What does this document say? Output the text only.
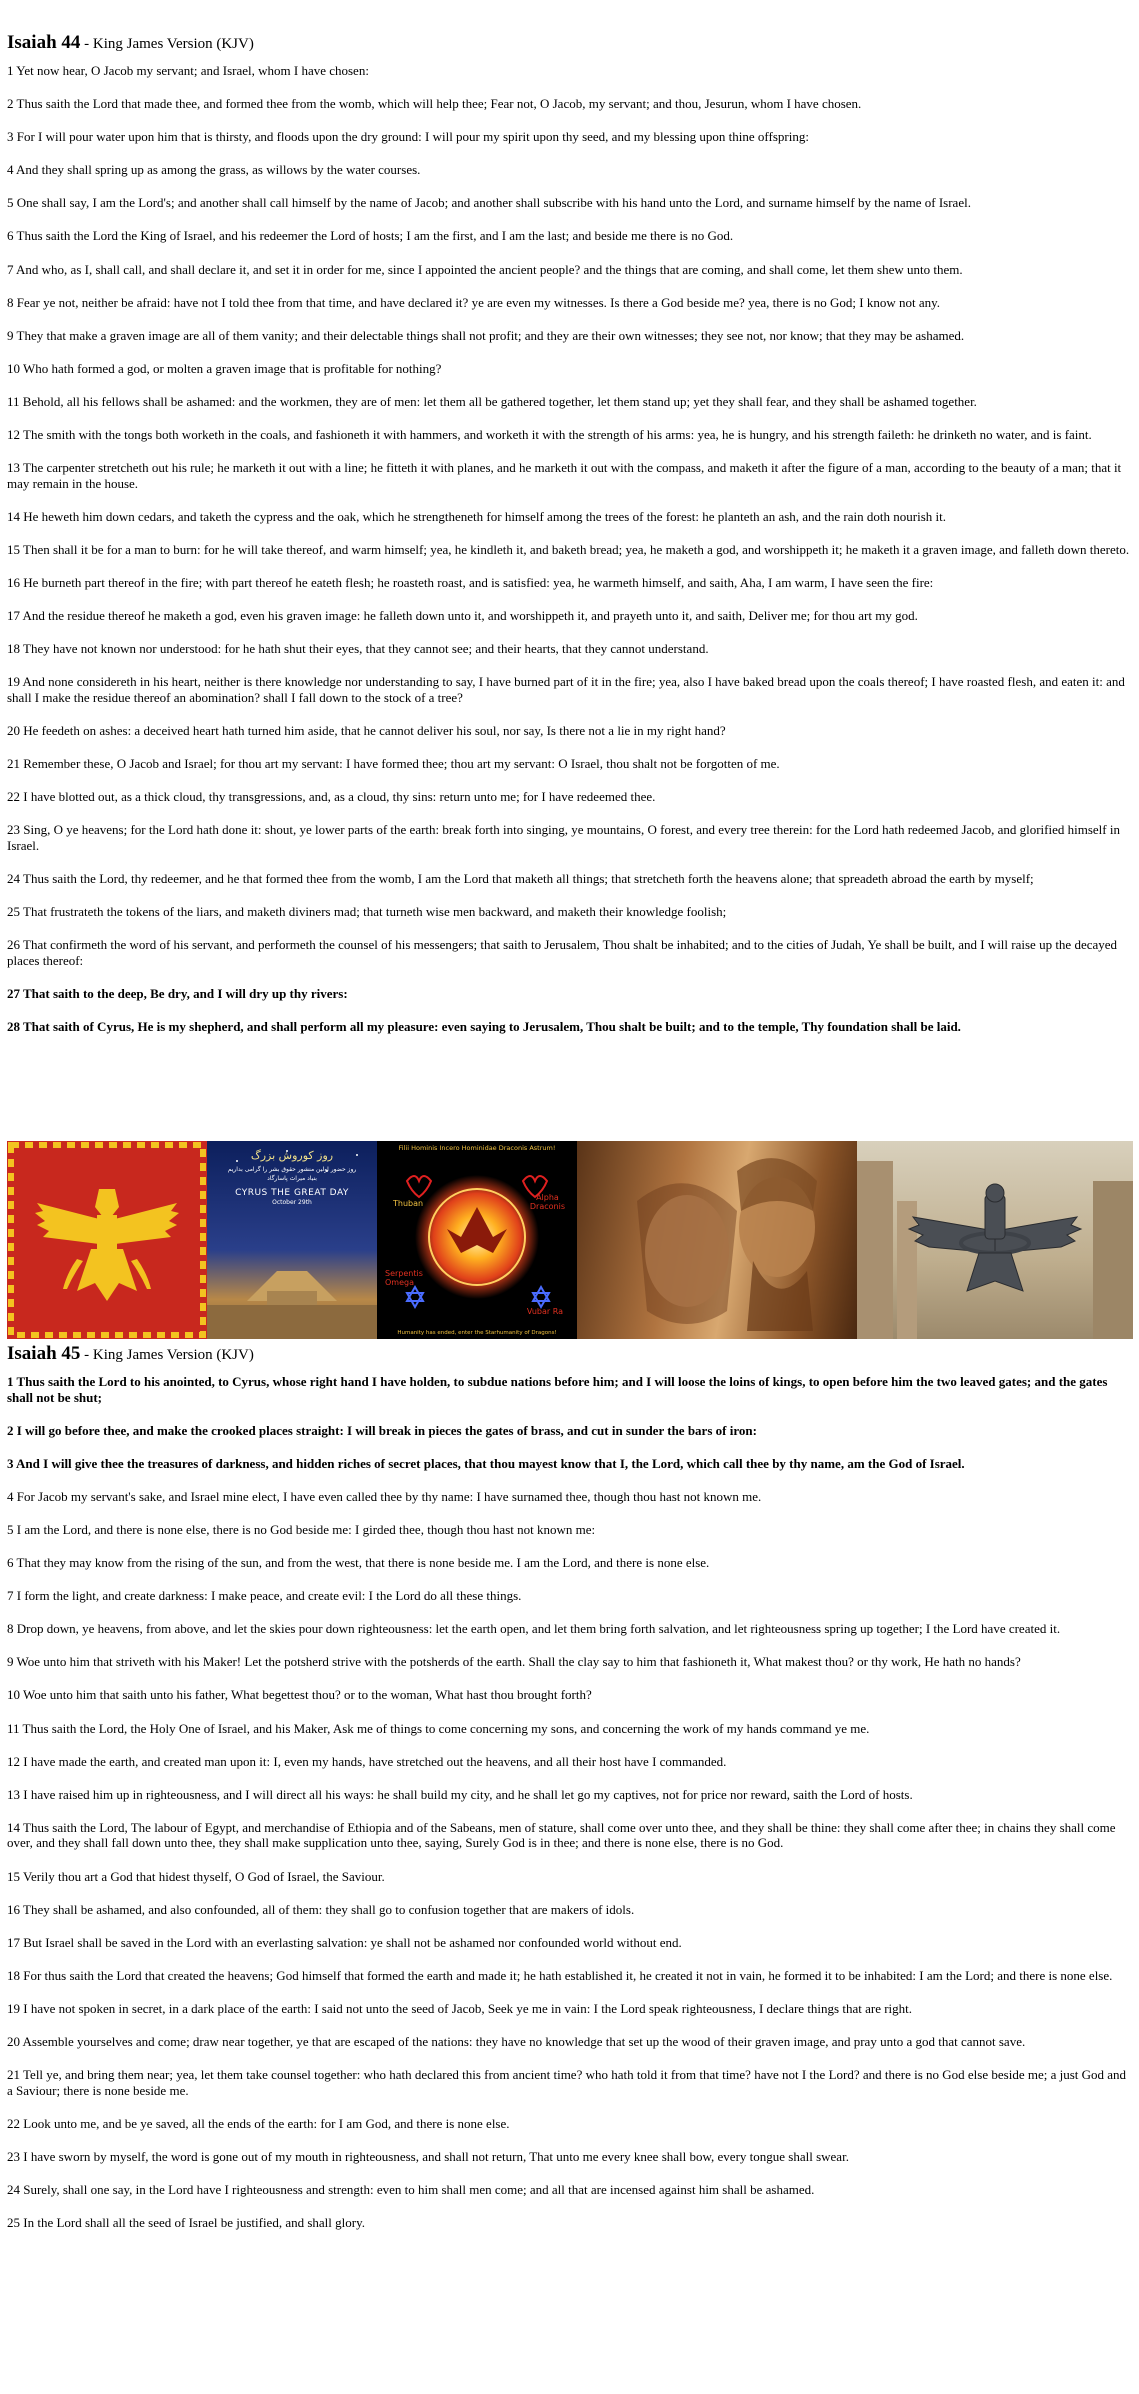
Isaiah 44 - King James Version (KJV)

1 Yet now hear, O Jacob my servant; and Israel, whom I have chosen:

2 Thus saith the Lord that made thee, and formed thee from the womb, which will help thee; Fear not, O Jacob, my servant; and thou, Jesurun, whom I have chosen.

3 For I will pour water upon him that is thirsty, and floods upon the dry ground: I will pour my spirit upon thy seed, and my blessing upon thine offspring:

4 And they shall spring up as among the grass, as willows by the water courses.

5 One shall say, I am the Lord's; and another shall call himself by the name of Jacob; and another shall subscribe with his hand unto the Lord, and surname himself by the name of Israel.

6 Thus saith the Lord the King of Israel, and his redeemer the Lord of hosts; I am the first, and I am the last; and beside me there is no God.

7 And who, as I, shall call, and shall declare it, and set it in order for me, since I appointed the ancient people? and the things that are coming, and shall come, let them shew unto them.

8 Fear ye not, neither be afraid: have not I told thee from that time, and have declared it? ye are even my witnesses. Is there a God beside me? yea, there is no God; I know not any.

9 They that make a graven image are all of them vanity; and their delectable things shall not profit; and they are their own witnesses; they see not, nor know; that they may be ashamed.

10 Who hath formed a god, or molten a graven image that is profitable for nothing?

11 Behold, all his fellows shall be ashamed: and the workmen, they are of men: let them all be gathered together, let them stand up; yet they shall fear, and they shall be ashamed together.

12 The smith with the tongs both worketh in the coals, and fashioneth it with hammers, and worketh it with the strength of his arms: yea, he is hungry, and his strength faileth: he drinketh no water, and is faint.

13 The carpenter stretcheth out his rule; he marketh it out with a line; he fitteth it with planes, and he marketh it out with the compass, and maketh it after the figure of a man, according to the beauty of a man; that it may remain in the house.

14 He heweth him down cedars, and taketh the cypress and the oak, which he strengtheneth for himself among the trees of the forest: he planteth an ash, and the rain doth nourish it.

15 Then shall it be for a man to burn: for he will take thereof, and warm himself; yea, he kindleth it, and baketh bread; yea, he maketh a god, and worshippeth it; he maketh it a graven image, and falleth down thereto.

16 He burneth part thereof in the fire; with part thereof he eateth flesh; he roasteth roast, and is satisfied: yea, he warmeth himself, and saith, Aha, I am warm, I have seen the fire:

17 And the residue thereof he maketh a god, even his graven image: he falleth down unto it, and worshippeth it, and prayeth unto it, and saith, Deliver me; for thou art my god.

18 They have not known nor understood: for he hath shut their eyes, that they cannot see; and their hearts, that they cannot understand.

19 And none considereth in his heart, neither is there knowledge nor understanding to say, I have burned part of it in the fire; yea, also I have baked bread upon the coals thereof; I have roasted flesh, and eaten it: and shall I make the residue thereof an abomination? shall I fall down to the stock of a tree?

20 He feedeth on ashes: a deceived heart hath turned him aside, that he cannot deliver his soul, nor say, Is there not a lie in my right hand?

21 Remember these, O Jacob and Israel; for thou art my servant: I have formed thee; thou art my servant: O Israel, thou shalt not be forgotten of me.

22 I have blotted out, as a thick cloud, thy transgressions, and, as a cloud, thy sins: return unto me; for I have redeemed thee.

23 Sing, O ye heavens; for the Lord hath done it: shout, ye lower parts of the earth: break forth into singing, ye mountains, O forest, and every tree therein: for the Lord hath redeemed Jacob, and glorified himself in Israel.

24 Thus saith the Lord, thy redeemer, and he that formed thee from the womb, I am the Lord that maketh all things; that stretcheth forth the heavens alone; that spreadeth abroad the earth by myself;

25 That frustrateth the tokens of the liars, and maketh diviners mad; that turneth wise men backward, and maketh their knowledge foolish;

26 That confirmeth the word of his servant, and performeth the counsel of his messengers; that saith to Jerusalem, Thou shalt be inhabited; and to the cities of Judah, Ye shall be built, and I will raise up the decayed places thereof:

27 That saith to the deep, Be dry, and I will dry up thy rivers:

28 That saith of Cyrus, He is my shepherd, and shall perform all my pleasure: even saying to Jerusalem, Thou shalt be built; and to the temple, Thy foundation shall be laid.

روز کوروش بزرگ
روز حضور اولین منشور حقوق بشر را گرامی بداریم
بنیاد میراث پاسارگاد
CYRUS THE GREAT DAY
October 29th
Filii Hominis Incero Hominidae Draconis Astrum!
Thuban
Alpha
Draconis
Serpentis
Omega
Vubar Ra
Humanity has ended, enter the Starhumanity of Dragons!
Isaiah 45 - King James Version (KJV)

1 Thus saith the Lord to his anointed, to Cyrus, whose right hand I have holden, to subdue nations before him; and I will loose the loins of kings, to open before him the two leaved gates; and the gates shall not be shut;

2 I will go before thee, and make the crooked places straight: I will break in pieces the gates of brass, and cut in sunder the bars of iron:

3 And I will give thee the treasures of darkness, and hidden riches of secret places, that thou mayest know that I, the Lord, which call thee by thy name, am the God of Israel.

4 For Jacob my servant's sake, and Israel mine elect, I have even called thee by thy name: I have surnamed thee, though thou hast not known me.

5 I am the Lord, and there is none else, there is no God beside me: I girded thee, though thou hast not known me:

6 That they may know from the rising of the sun, and from the west, that there is none beside me. I am the Lord, and there is none else.

7 I form the light, and create darkness: I make peace, and create evil: I the Lord do all these things.

8 Drop down, ye heavens, from above, and let the skies pour down righteousness: let the earth open, and let them bring forth salvation, and let righteousness spring up together; I the Lord have created it.

9 Woe unto him that striveth with his Maker! Let the potsherd strive with the potsherds of the earth. Shall the clay say to him that fashioneth it, What makest thou? or thy work, He hath no hands?

10 Woe unto him that saith unto his father, What begettest thou? or to the woman, What hast thou brought forth?

11 Thus saith the Lord, the Holy One of Israel, and his Maker, Ask me of things to come concerning my sons, and concerning the work of my hands command ye me.

12 I have made the earth, and created man upon it: I, even my hands, have stretched out the heavens, and all their host have I commanded.

13 I have raised him up in righteousness, and I will direct all his ways: he shall build my city, and he shall let go my captives, not for price nor reward, saith the Lord of hosts.

14 Thus saith the Lord, The labour of Egypt, and merchandise of Ethiopia and of the Sabeans, men of stature, shall come over unto thee, and they shall be thine: they shall come after thee; in chains they shall come over, and they shall fall down unto thee, they shall make supplication unto thee, saying, Surely God is in thee; and there is none else, there is no God.

15 Verily thou art a God that hidest thyself, O God of Israel, the Saviour.

16 They shall be ashamed, and also confounded, all of them: they shall go to confusion together that are makers of idols.

17 But Israel shall be saved in the Lord with an everlasting salvation: ye shall not be ashamed nor confounded world without end.

18 For thus saith the Lord that created the heavens; God himself that formed the earth and made it; he hath established it, he created it not in vain, he formed it to be inhabited: I am the Lord; and there is none else.

19 I have not spoken in secret, in a dark place of the earth: I said not unto the seed of Jacob, Seek ye me in vain: I the Lord speak righteousness, I declare things that are right.

20 Assemble yourselves and come; draw near together, ye that are escaped of the nations: they have no knowledge that set up the wood of their graven image, and pray unto a god that cannot save.

21 Tell ye, and bring them near; yea, let them take counsel together: who hath declared this from ancient time? who hath told it from that time? have not I the Lord? and there is no God else beside me; a just God and a Saviour; there is none beside me.

22 Look unto me, and be ye saved, all the ends of the earth: for I am God, and there is none else.

23 I have sworn by myself, the word is gone out of my mouth in righteousness, and shall not return, That unto me every knee shall bow, every tongue shall swear.

24 Surely, shall one say, in the Lord have I righteousness and strength: even to him shall men come; and all that are incensed against him shall be ashamed.

25 In the Lord shall all the seed of Israel be justified, and shall glory.
